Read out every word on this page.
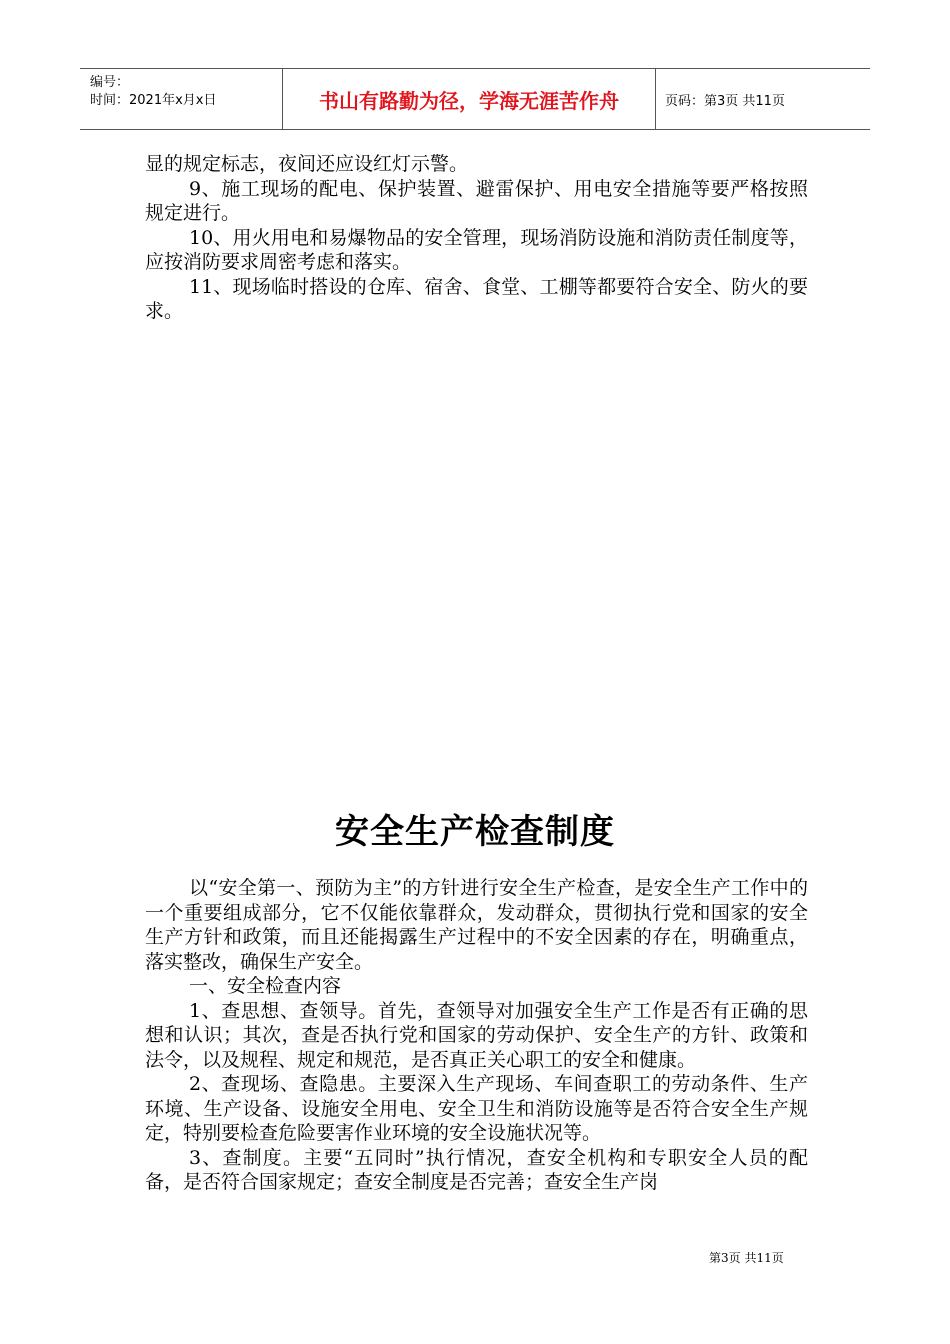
编号：
时间：2021年x月x日	书山有路勤为径，学海无涯苦作舟	页码：第3页 共11页

显的规定标志，夜间还应设红灯示警。

9、施工现场的配电、保护装置、避雷保护、用电安全措施等要严格按照规定进行。

10、用火用电和易爆物品的安全管理，现场消防设施和消防责任制度等，应按消防要求周密考虑和落实。

11、现场临时搭设的仓库、宿舍、食堂、工棚等都要符合安全、防火的要求。

安全生产检查制度

以“安全第一、预防为主”的方针进行安全生产检查，是安全生产工作中的一个重要组成部分，它不仅能依靠群众，发动群众，贯彻执行党和国家的安全生产方针和政策，而且还能揭露生产过程中的不安全因素的存在，明确重点，落实整改，确保生产安全。

一、安全检查内容

1、查思想、查领导。首先，查领导对加强安全生产工作是否有正确的思想和认识；其次，查是否执行党和国家的劳动保护、安全生产的方针、政策和法令，以及规程、规定和规范，是否真正关心职工的安全和健康。

2、查现场、查隐患。主要深入生产现场、车间查职工的劳动条件、生产环境、生产设备、设施安全用电、安全卫生和消防设施等是否符合安全生产规定，特别要检查危险要害作业环境的安全设施状况等。

3、查制度。主要“五同时”执行情况，查安全机构和专职安全人员的配备，是否符合国家规定；查安全制度是否完善；查安全生产岗

第3页 共11页
